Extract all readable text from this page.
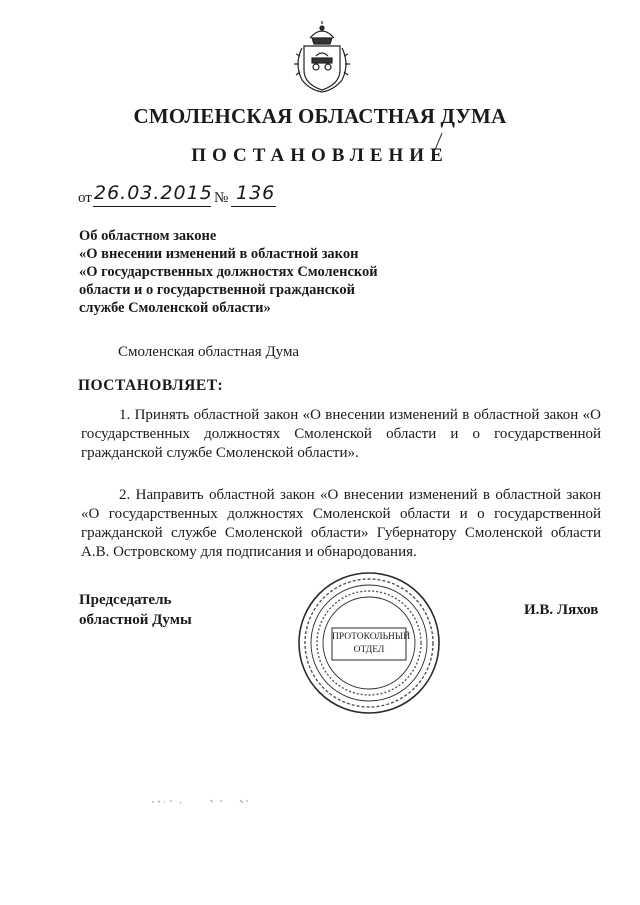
СМОЛЕНСКАЯ ОБЛАСТНАЯ ДУМА
ПОСТАНОВЛЕНИЕ
от 26.03.2015 № 136
Об областном законе
«О внесении изменений в областной закон
«О государственных должностях Смоленской
области и о государственной гражданской
службе Смоленской области»
Смоленская областная Дума
ПОСТАНОВЛЯЕТ:
1. Принять областной закон «О внесении изменений в областной закон «О государственных должностях Смоленской области и о государственной гражданской службе Смоленской области».
2. Направить областной закон «О внесении изменений в областной закон «О государственных должностях Смоленской области и о государственной гражданской службе Смоленской области» Губернатору Смоленской области А.В. Островскому для подписания и обнародования.
Председатель
областной Думы
ПРОТОКОЛЬНЫЙ
ОТДЕЛ
И.В. Ляхов
